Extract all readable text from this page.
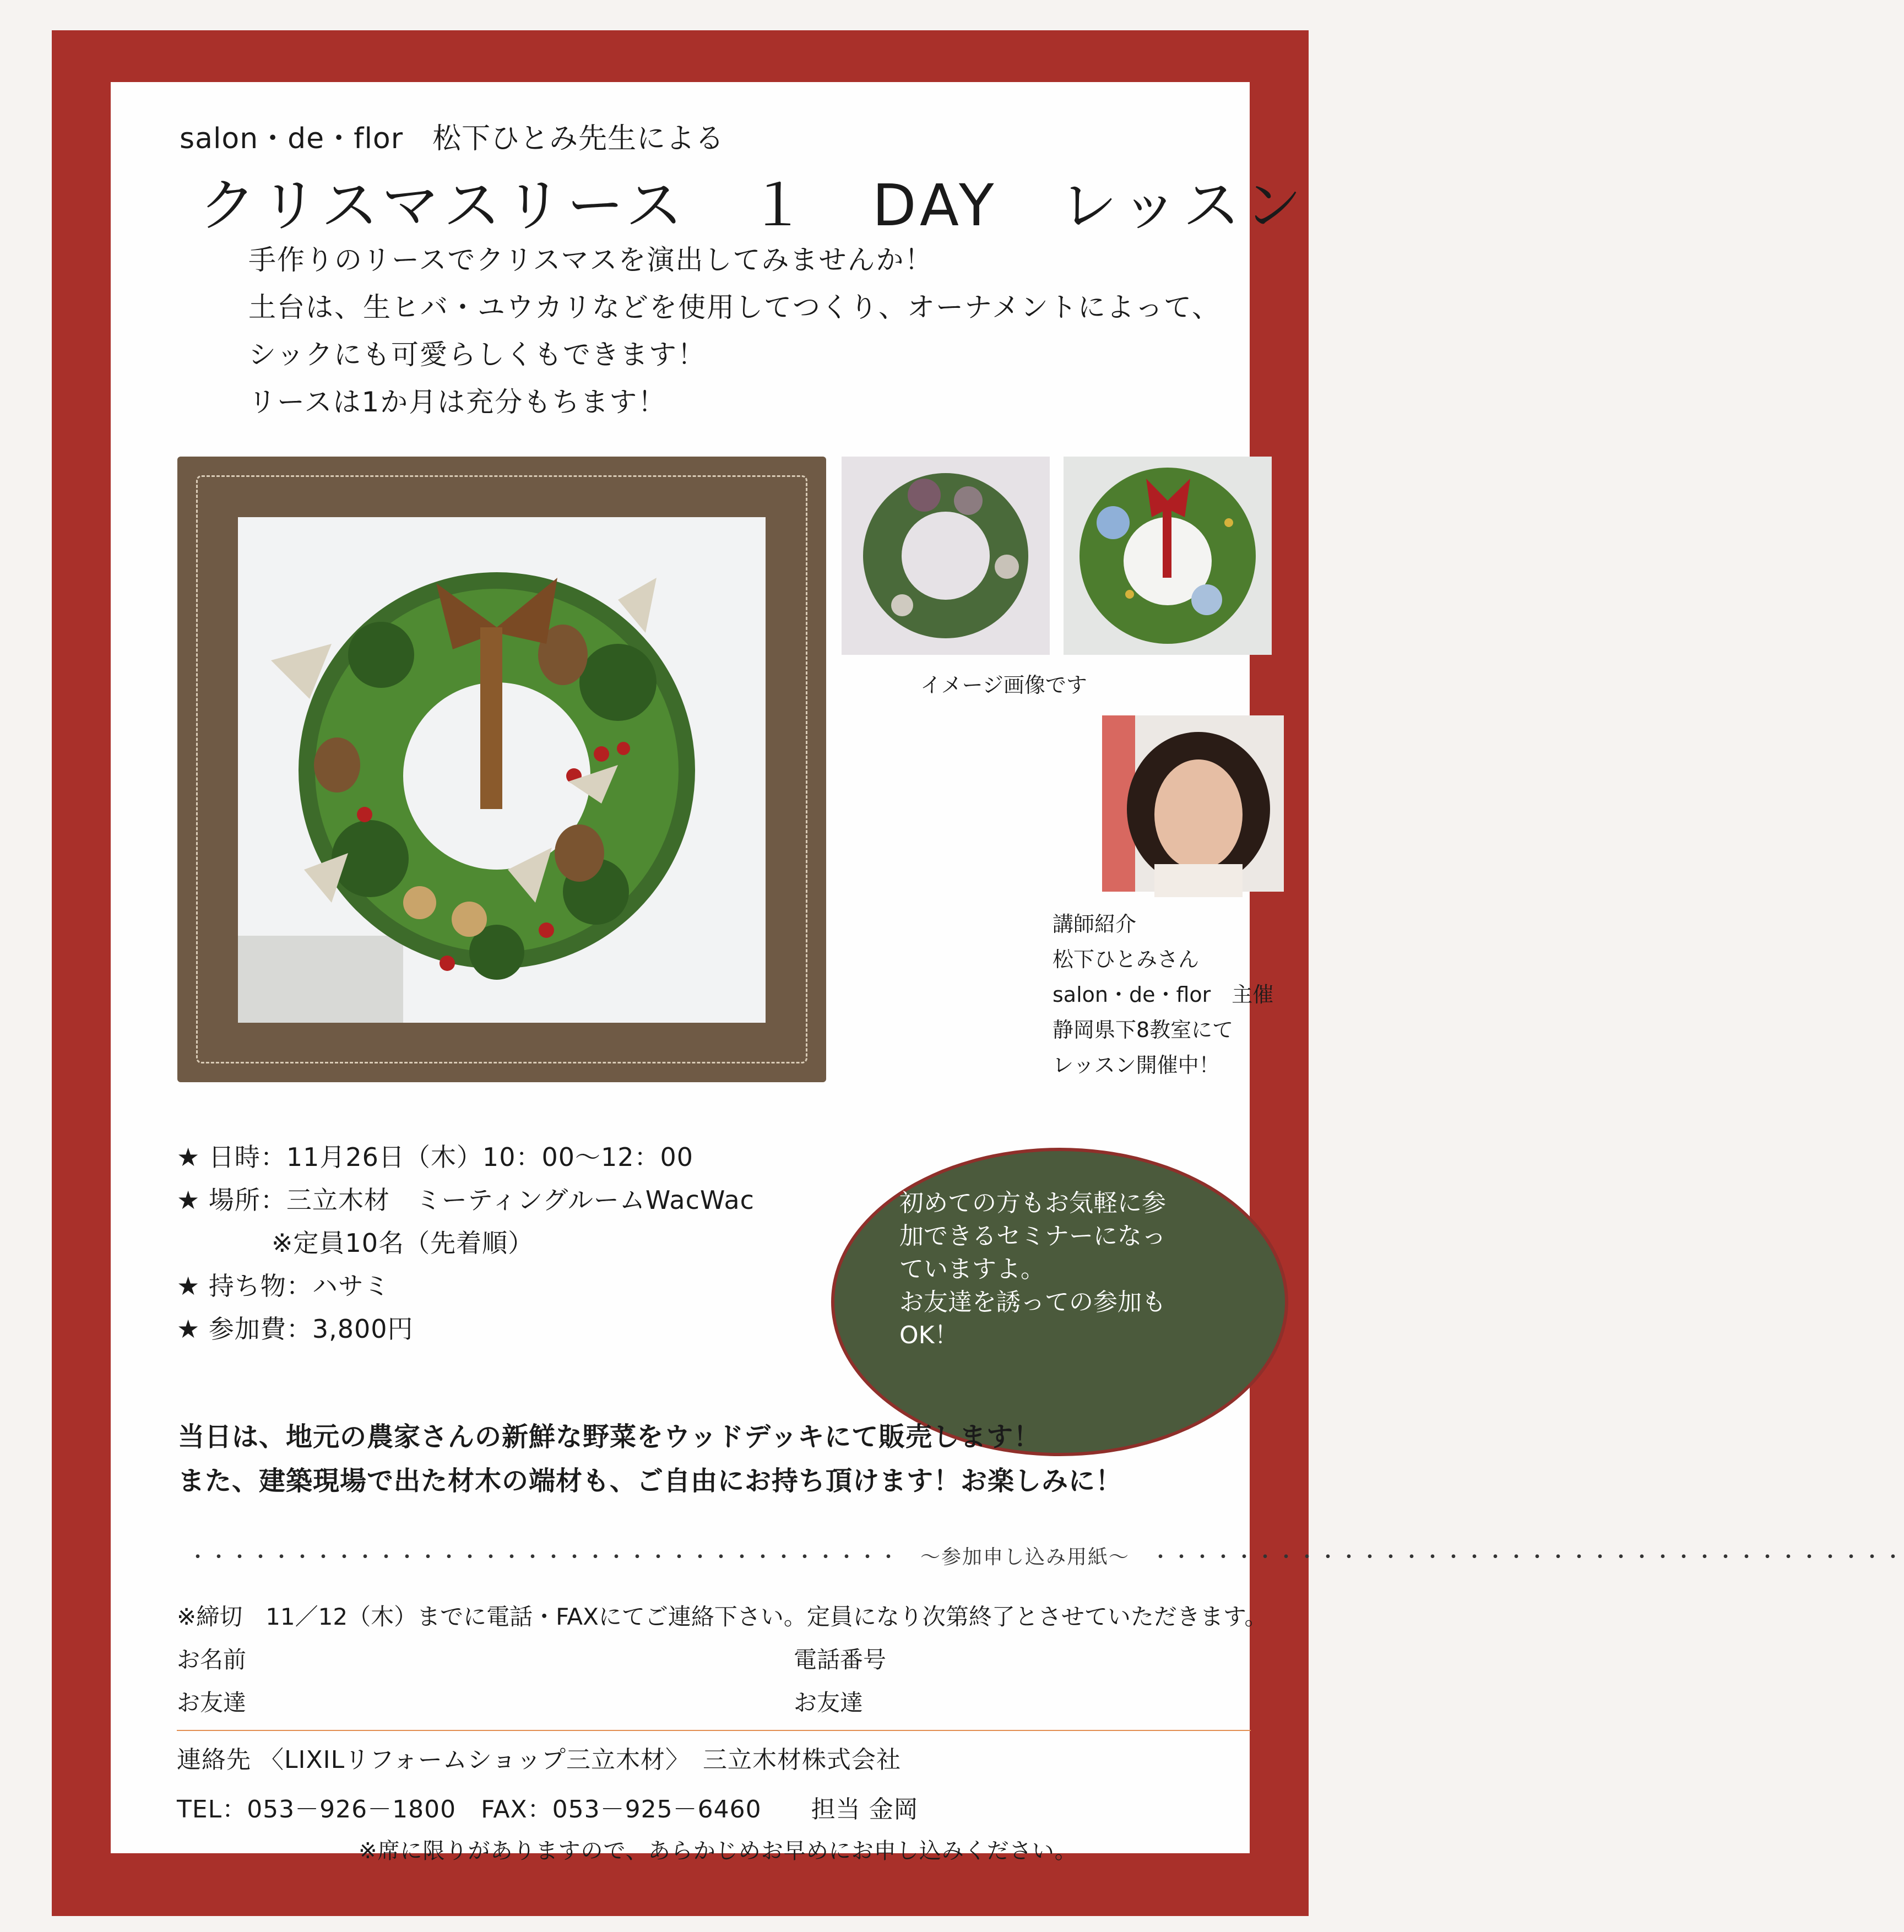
salon・de・flor　松下ひとみ先生による
クリスマスリース　１　DAY　レッスン

手作りのリースでクリスマスを演出してみませんか！

土台は、生ヒバ・ユウカリなどを使用してつくり、オーナメントによって、

シックにも可愛らしくもできます！

リースは1か月は充分もちます！

イメージ画像です

講師紹介

松下ひとみさん

salon・de・flor　主催

静岡県下8教室にて

レッスン開催中！

★ 日時：11月26日（木）10：00～12：00

★ 場所：三立木材　ミーティングルームWacWac

※定員10名（先着順）

★ 持ち物：ハサミ

★ 参加費：3,800円

初めての方もお気軽に参

加できるセミナーになっ

ていますよ。

お友達を誘っての参加も

OK！

当日は、地元の農家さんの新鮮な野菜をウッドデッキにて販売します！

また、建築現場で出た材木の端材も、ご自由にお持ち頂けます！お楽しみに！

・・・・・・・・・・・・・・・・・・・・・・・・・・・・・・・・・・　～参加申し込み用紙～　・・・・・・・・・・・・・・・・・・・・・・・・・・・・・・・・・・・・

※締切　11／12（木）までに電話・FAXにてご連絡下さい。定員になり次第終了とさせていただきます。

お名前	電話番号

お友達	お友達

連絡先 〈LIXILリフォームショップ三立木材〉　三立木材株式会社

TEL：053－926－1800　FAX：053－925－6460　　担当 金岡

※席に限りがありますので、あらかじめお早めにお申し込みください。
